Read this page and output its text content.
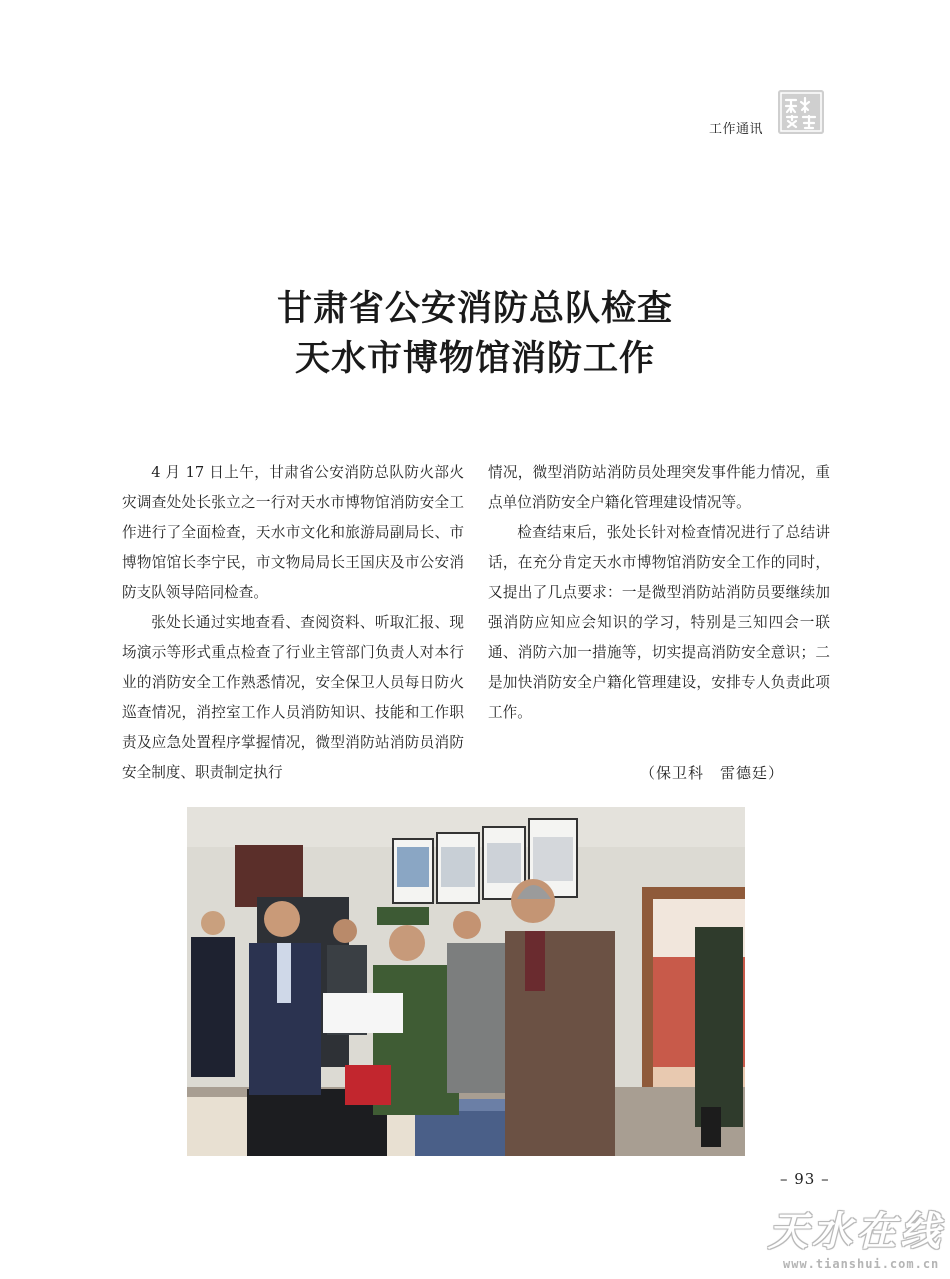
工作通讯
甘肃省公安消防总队检查
天水市博物馆消防工作

4 月 17 日上午，甘肃省公安消防总队防火部火灾调查处处长张立之一行对天水市博物馆消防安全工作进行了全面检查，天水市文化和旅游局副局长、市博物馆馆长李宁民，市文物局局长王国庆及市公安消防支队领导陪同检查。

张处长通过实地查看、查阅资料、听取汇报、现场演示等形式重点检查了行业主管部门负责人对本行业的消防安全工作熟悉情况，安全保卫人员每日防火巡查情况，消控室工作人员消防知识、技能和工作职责及应急处置程序掌握情况，微型消防站消防员消防安全制度、职责制定执行

情况，微型消防站消防员处理突发事件能力情况，重点单位消防安全户籍化管理建设情况等。

检查结束后，张处长针对检查情况进行了总结讲话，在充分肯定天水市博物馆消防安全工作的同时，又提出了几点要求：一是微型消防站消防员要继续加强消防应知应会知识的学习，特别是三知四会一联通、消防六加一措施等，切实提高消防安全意识；二是加快消防安全户籍化管理建设，安排专人负责此项工作。

（保卫科　雷德廷）
– 93 –
天水在线
www.tianshui.com.cn
